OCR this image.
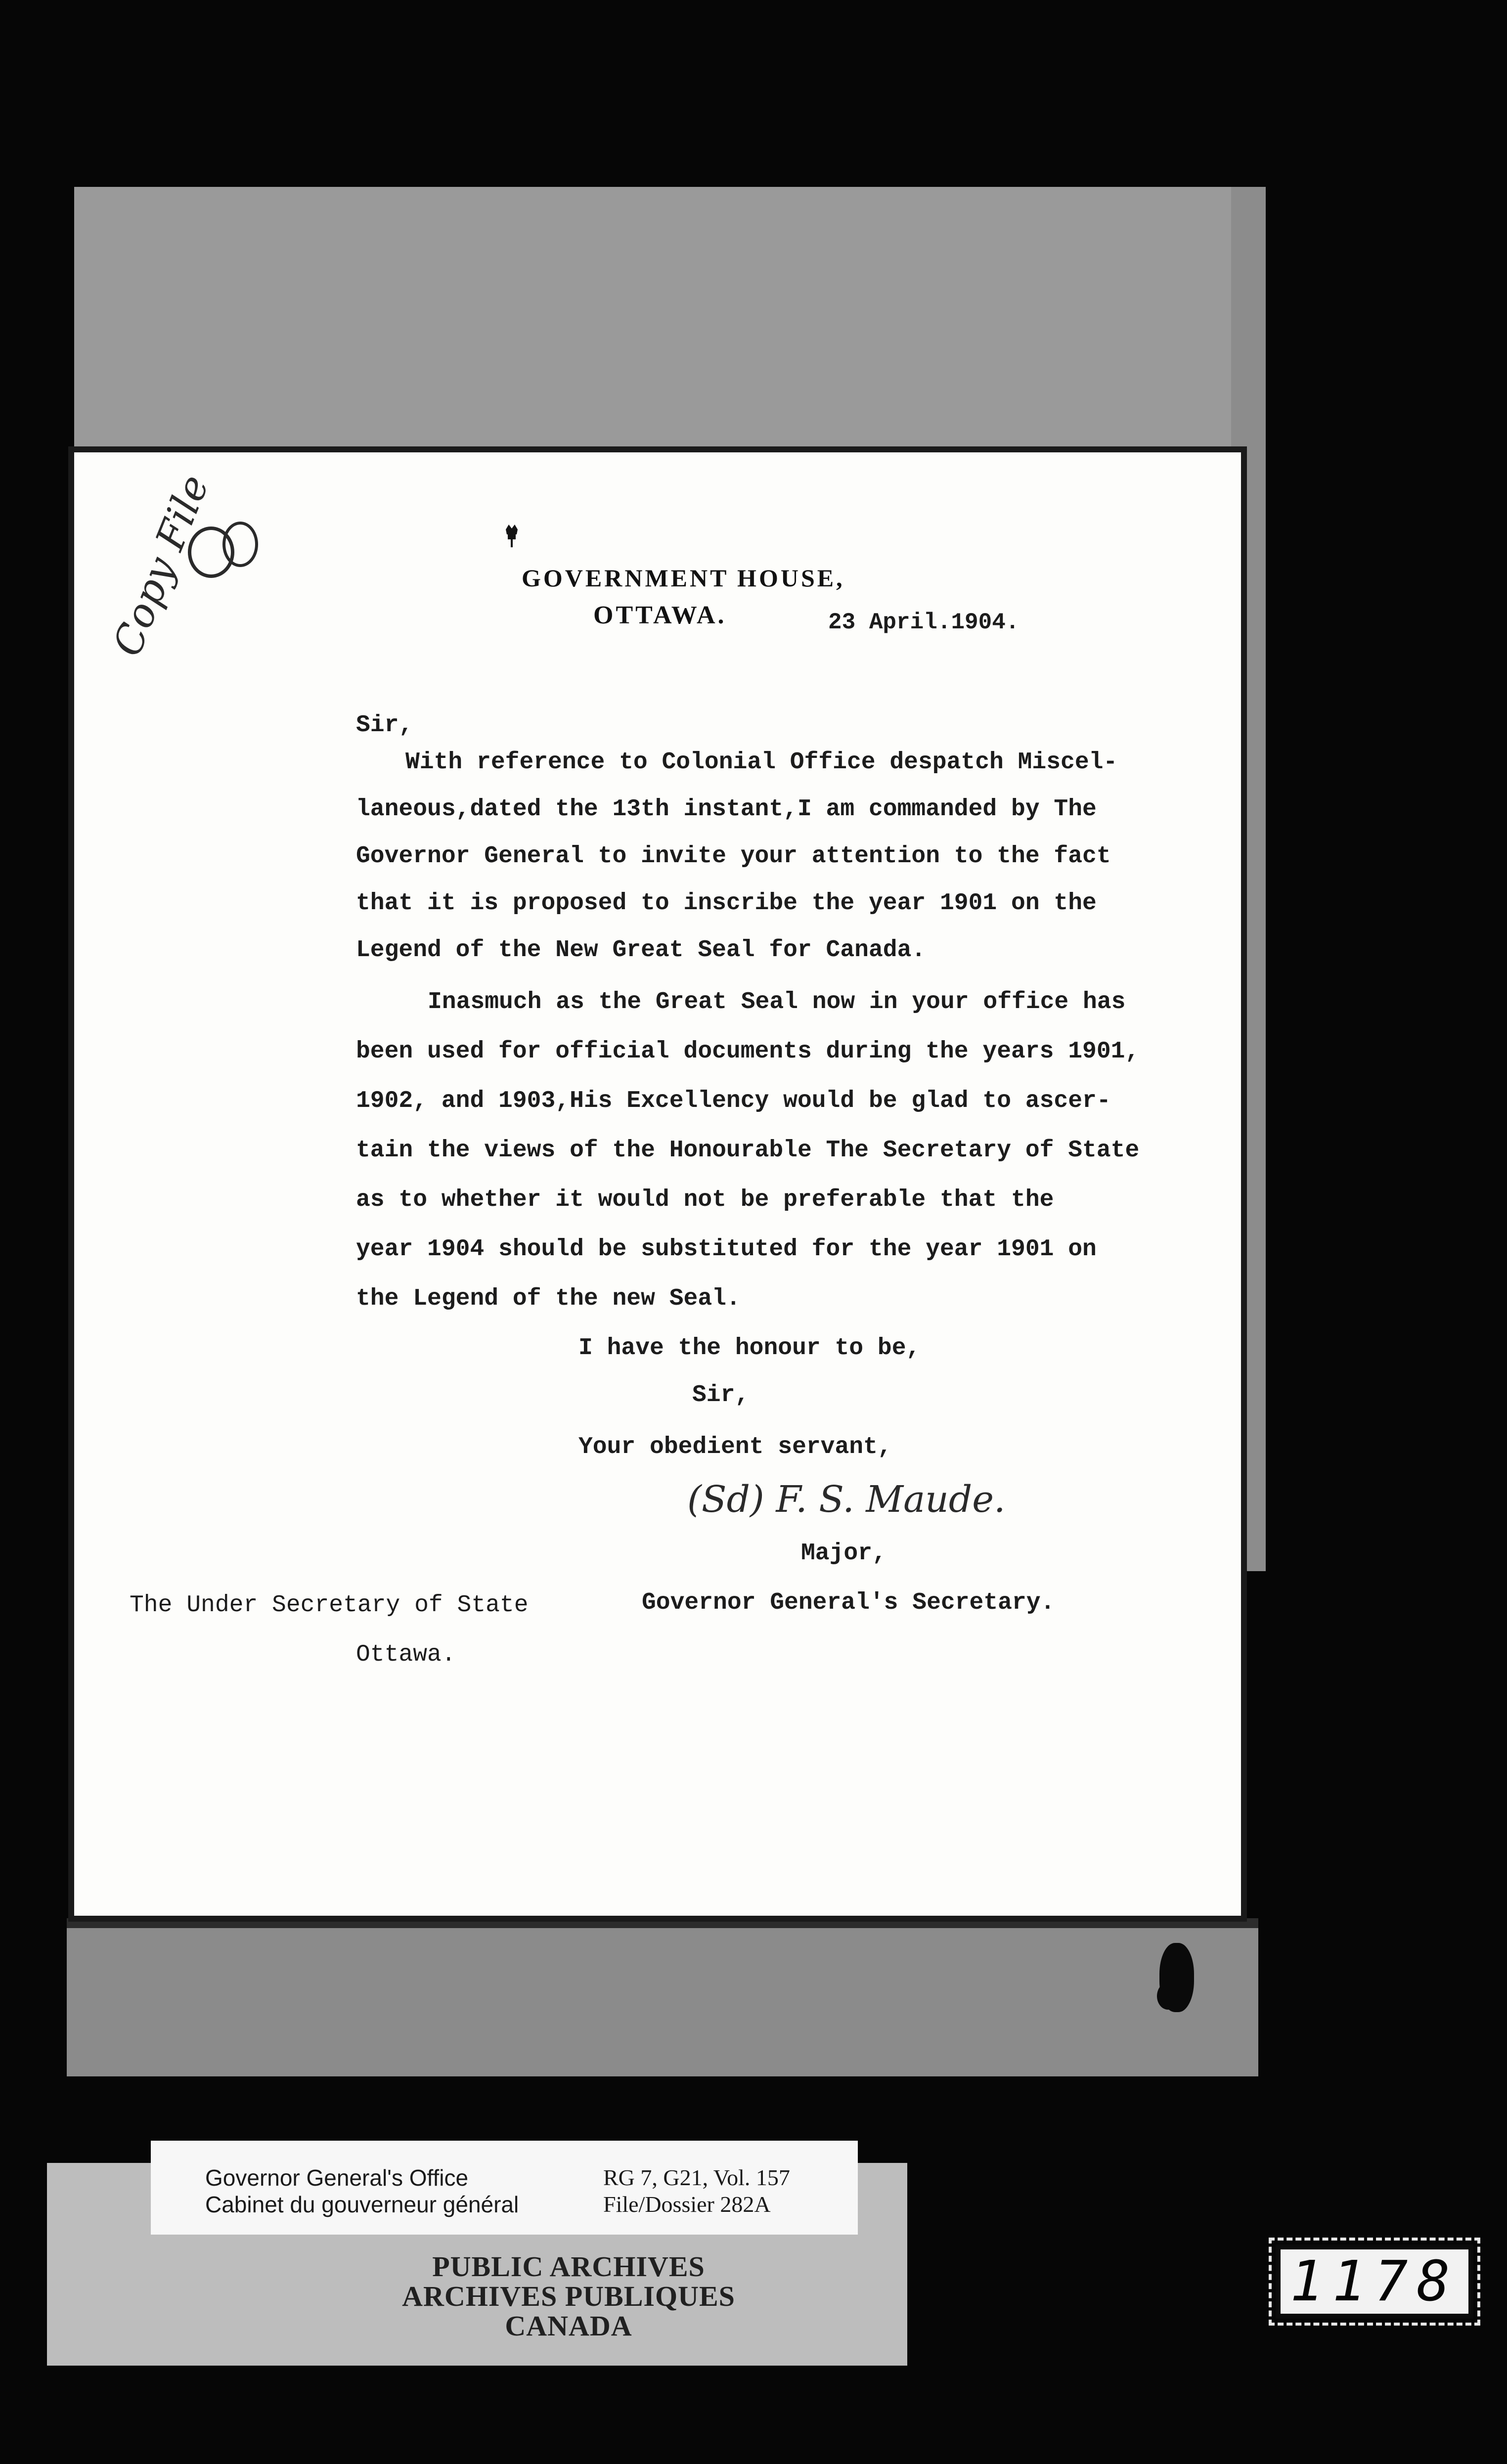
Copy File	GOVERNMENT HOUSE,
OTTAWA.	23 April.1904.
Sir,
With reference to Colonial Office despatch Miscel-
laneous,dated the 13th instant,I am commanded by The
Governor General to invite your attention to the fact
that it is proposed to inscribe the year 1901 on the
Legend of the New Great Seal for Canada.
Inasmuch as the Great Seal now in your office has
been used for official documents during the years 1901,
1902, and 1903,His Excellency would be glad to ascer-
tain the views of the Honourable The Secretary of State
as to whether it would not be preferable that the
year 1904 should be substituted for the year 1901 on
the Legend of the new Seal.
I have the honour to be,
Sir,
Your obedient servant,
(Sd) F. S. Maude.
Major,
Governor General's Secretary.
The Under Secretary of State
Ottawa.
Governor General's Office
Cabinet du gouverneur général
RG 7, G21, Vol. 157
File/Dossier 282A
PUBLIC ARCHIVES
ARCHIVES PUBLIQUES
CANADA
1178
